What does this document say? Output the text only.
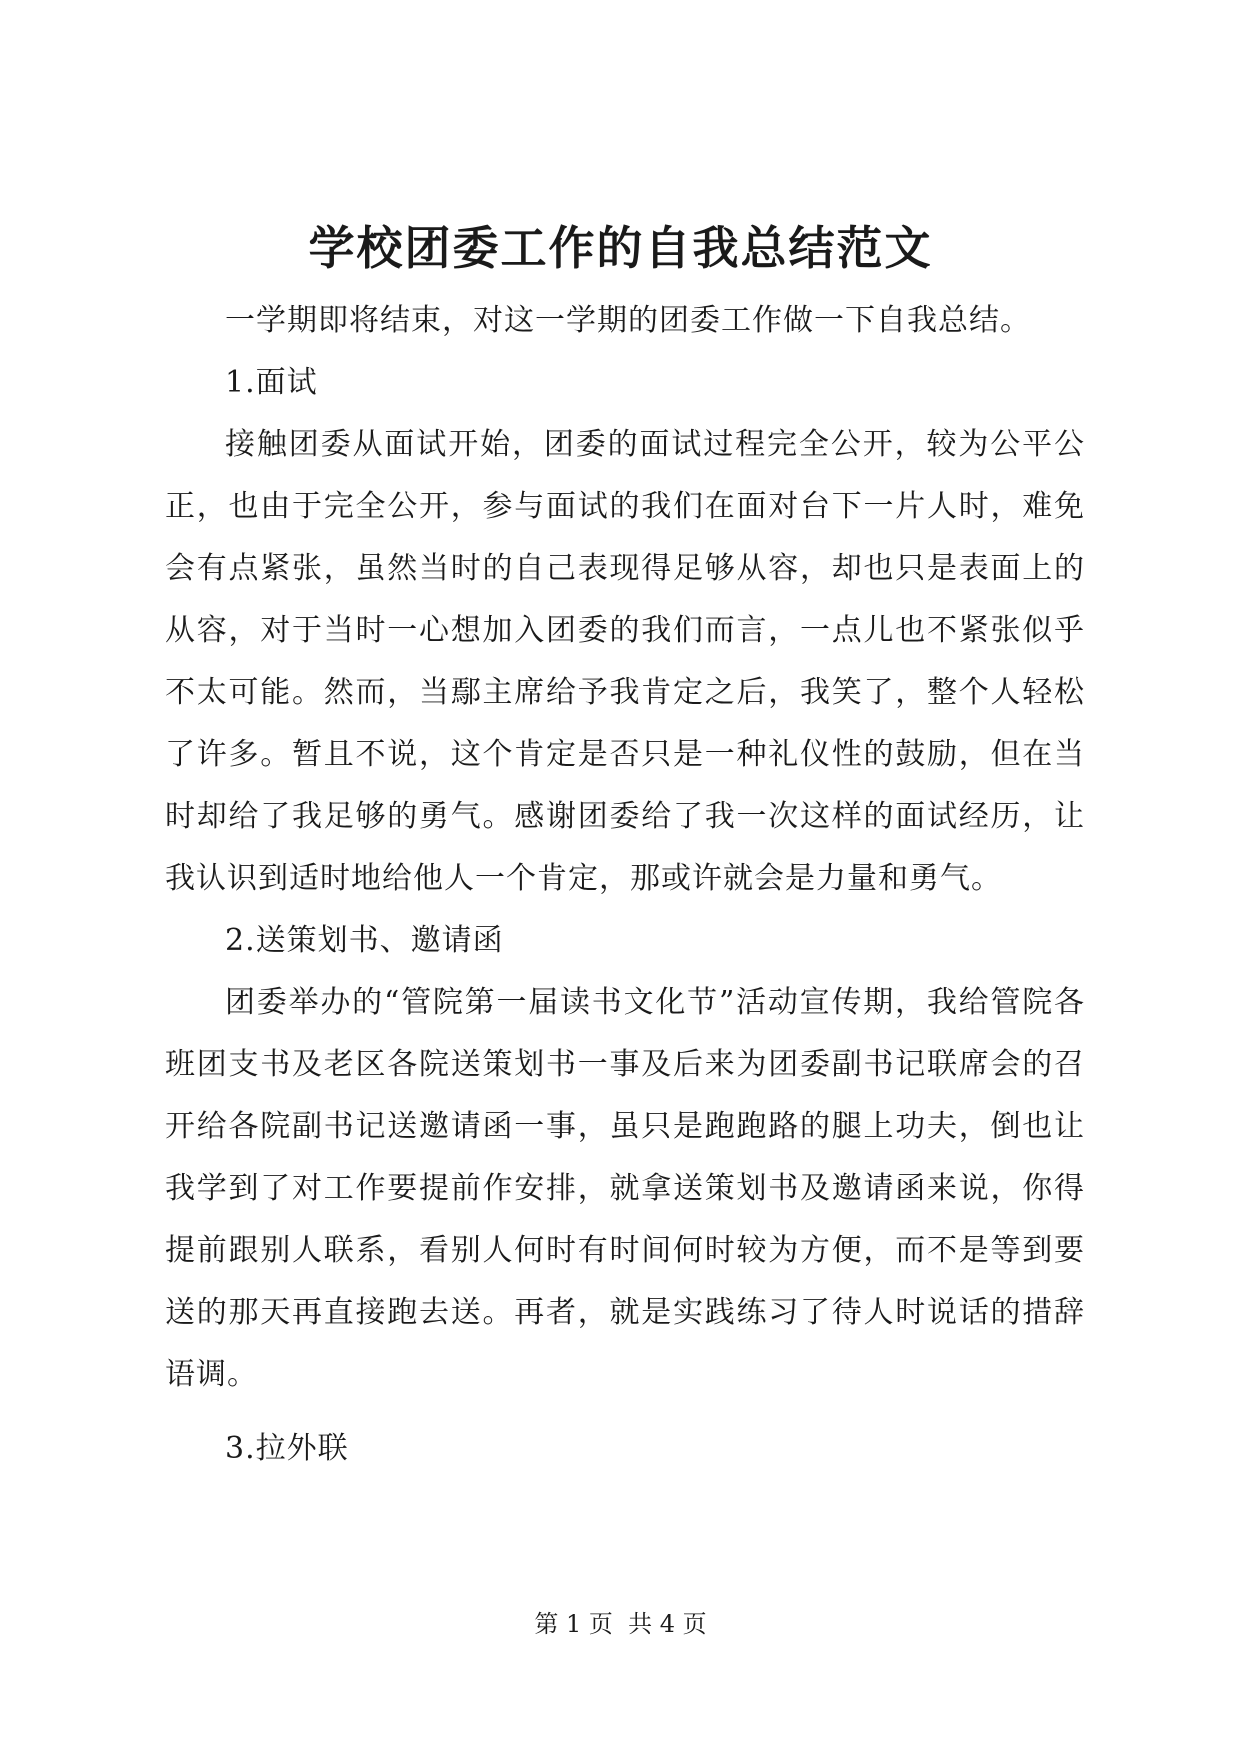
学校团委工作的自我总结范文

一学期即将结束，对这一学期的团委工作做一下自我总结。

1.面试

接触团委从面试开始，团委的面试过程完全公开，较为公平公正，也由于完全公开，参与面试的我们在面对台下一片人时，难免会有点紧张，虽然当时的自己表现得足够从容，却也只是表面上的从容，对于当时一心想加入团委的我们而言，一点儿也不紧张似乎不太可能。然而，当鄢主席给予我肯定之后，我笑了，整个人轻松了许多。暂且不说，这个肯定是否只是一种礼仪性的鼓励，但在当时却给了我足够的勇气。感谢团委给了我一次这样的面试经历，让我认识到适时地给他人一个肯定，那或许就会是力量和勇气。

2.送策划书、邀请函

团委举办的“管院第一届读书文化节”活动宣传期，我给管院各班团支书及老区各院送策划书一事及后来为团委副书记联席会的召开给各院副书记送邀请函一事，虽只是跑跑路的腿上功夫，倒也让我学到了对工作要提前作安排，就拿送策划书及邀请函来说，你得提前跟别人联系，看别人何时有时间何时较为方便，而不是等到要送的那天再直接跑去送。再者，就是实践练习了待人时说话的措辞语调。

3.拉外联

第 1 页  共 4 页
